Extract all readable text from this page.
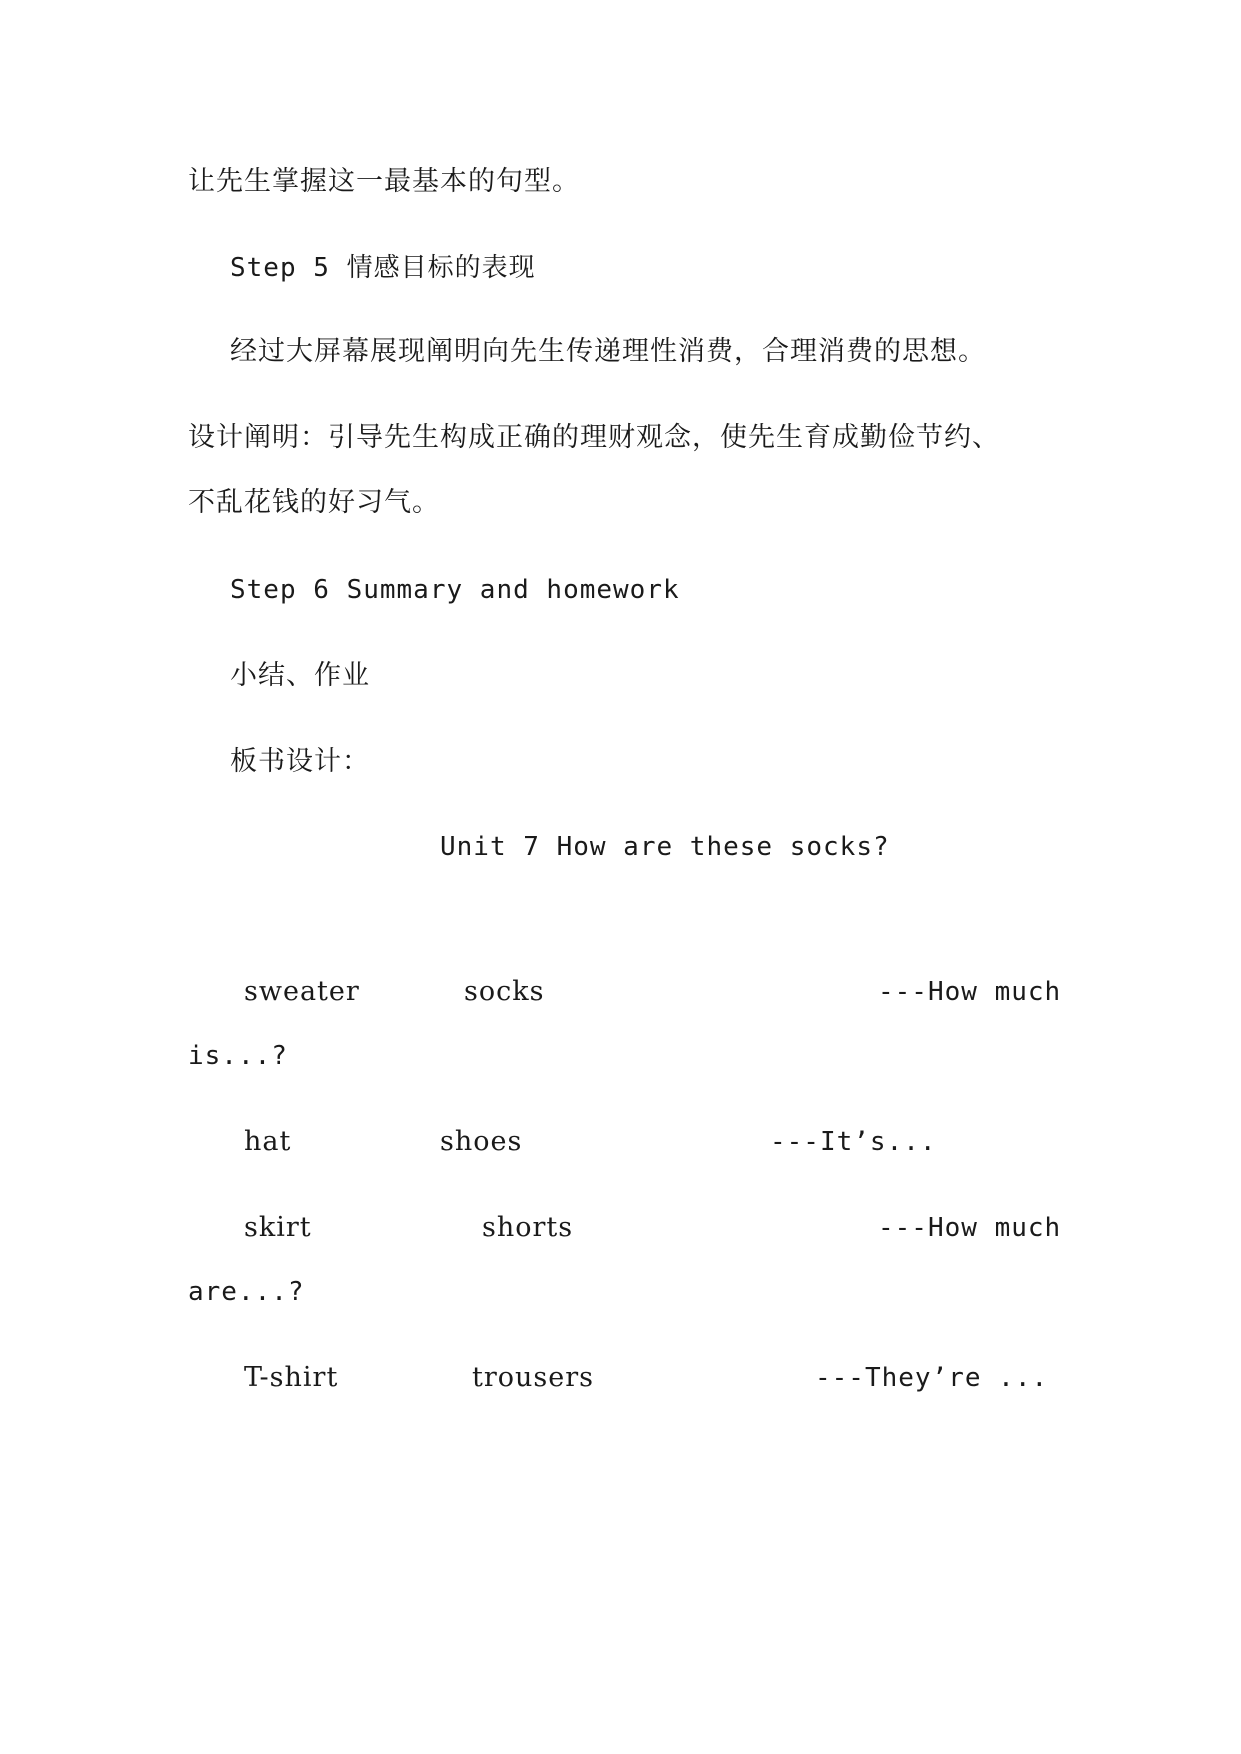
让先生掌握这一最基本的句型。
Step 5 情感目标的表现
经过大屏幕展现阐明向先生传递理性消费，合理消费的思想。
设计阐明：引导先生构成正确的理财观念，使先生育成勤俭节约、
不乱花钱的好习气。
Step 6 Summary and homework
小结、作业
板书设计：
Unit 7 How are these socks?
sweater	socks	---How much
is...?
hat	shoes	---It’s...
skirt	shorts	---How much
are...?
T-shirt	trousers	---They’re ...
